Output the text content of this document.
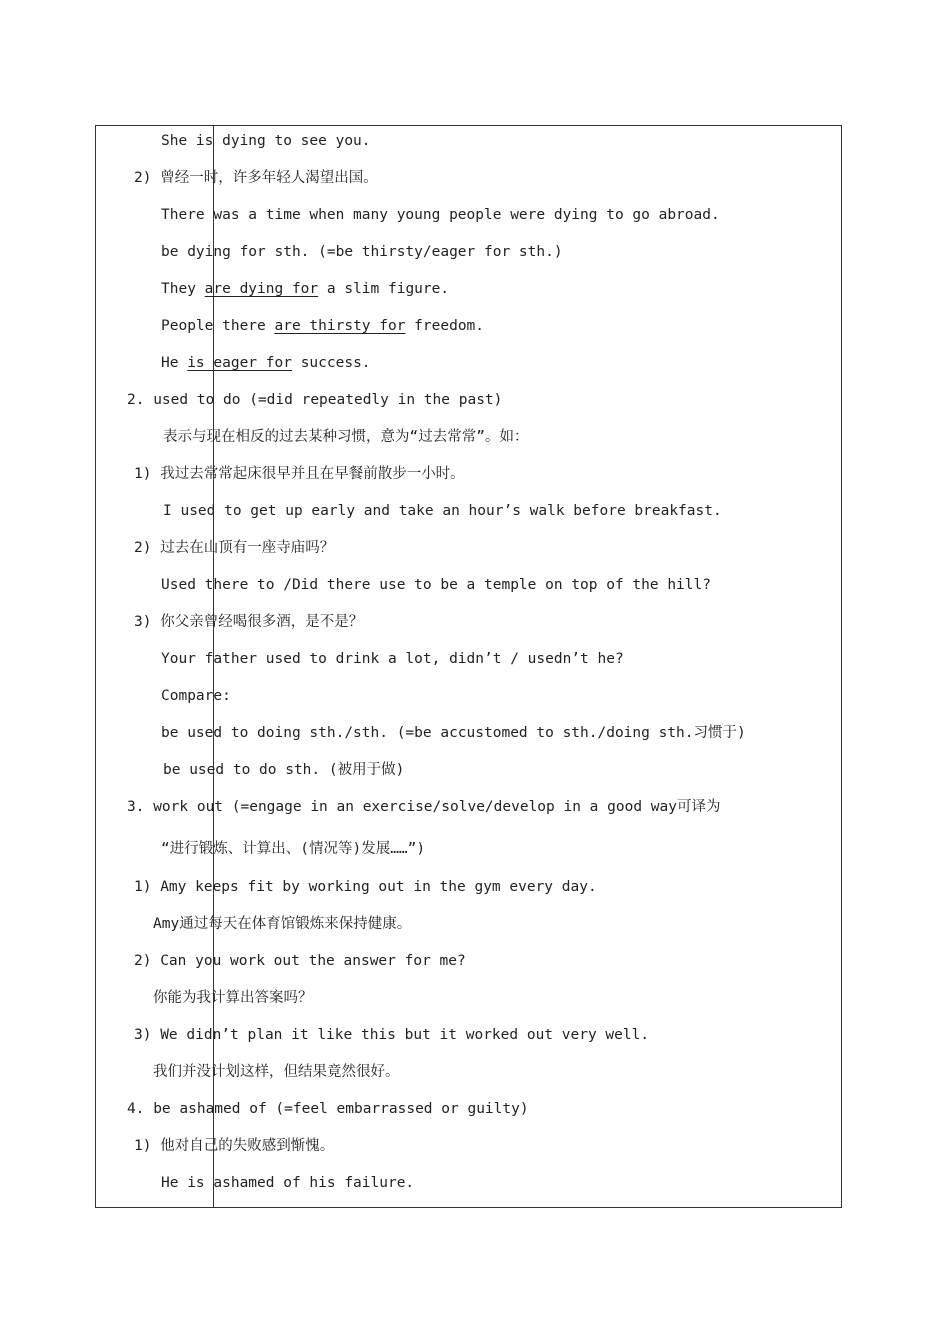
She is dying to see you.
2) 曾经一时，许多年轻人渴望出国。
There was a time when many young people were dying to go abroad.
be dying for sth. (=be thirsty/eager for sth.)
They are dying for a slim figure.
People there are thirsty for freedom.
He is eager for success.
2. used to do (=did repeatedly in the past)
表示与现在相反的过去某种习惯，意为“过去常常”。如：
1) 我过去常常起床很早并且在早餐前散步一小时。
I used to get up early and take an hour’s walk before breakfast.
2) 过去在山顶有一座寺庙吗？
Used there to /Did there use to be a temple on top of the hill?
3) 你父亲曾经喝很多酒，是不是？
Your father used to drink a lot, didn’t / usedn’t he?
Compare:
be used to doing sth./sth. (=be accustomed to sth./doing sth.习惯于)
be used to do sth. (被用于做)
3. work out (=engage in an exercise/solve/develop in a good way可译为
“进行锻炼、计算出、(情况等)发展……”)
1) Amy keeps fit by working out in the gym every day.
Amy通过每天在体育馆锻炼来保持健康。
2) Can you work out the answer for me?
你能为我计算出答案吗？
3) We didn’t plan it like this but it worked out very well.
我们并没计划这样，但结果竟然很好。
4. be ashamed of (=feel embarrassed or guilty)
1) 他对自己的失败感到惭愧。
He is ashamed of his failure.
